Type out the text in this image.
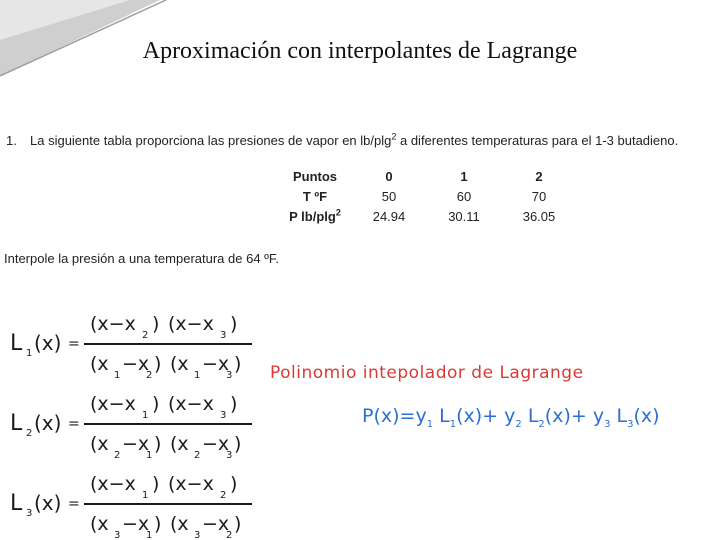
Aproximación con interpolantes de Lagrange
1. La siguiente tabla proporciona las presiones de vapor en lb/plg$^2$ a diferentes temperaturas para el 1-3 butadieno.
Puntos	0	1	2
T ºF	50	60	70
P lb/plg$^2$	24.94	30.11	36.05
Interpole la presión a una temperatura de 64 ºF.
L 1 (x) =
(x−x
2
) (x−x
3
)
(x
1
−x
2
) (x
1
−x
3
)
L 2 (x) =
(x−x
1
) (x−x
3
)
(x
2
−x
1
) (x
2
−x
3
)
L 3 (x) =
(x−x
1
) (x−x
2
)
(x
3
−x
1
) (x
3
−x
2
)
Polinomio intepolador de Lagrange
$P(x)=y_1$ $L_1(x)+ y_2$ $L_2(x)+ y_3$ $L_3(x)$
